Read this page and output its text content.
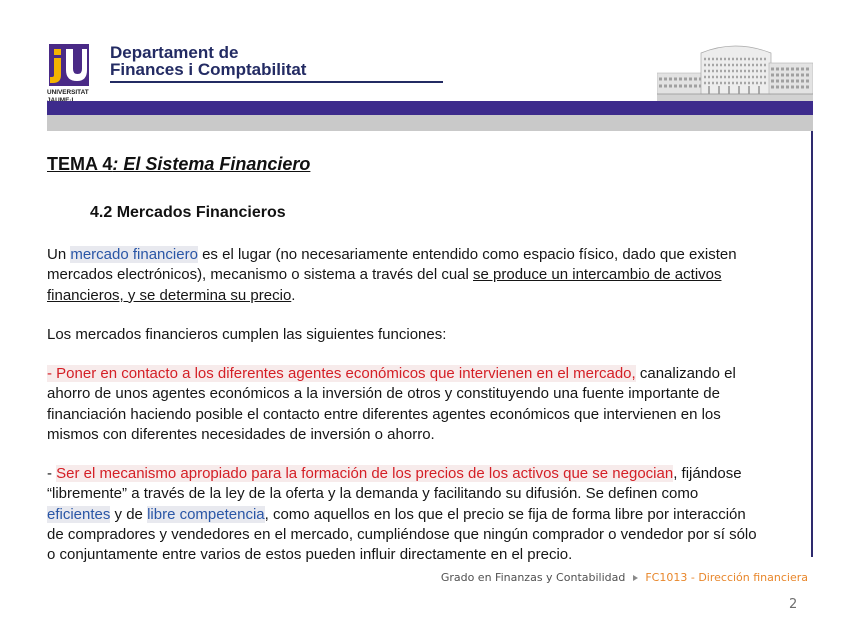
UNIVERSITAT
Departament de
Finances i Comptabilitat
TEMA 4: El Sistema Financiero
4.2 Mercados Financieros
Un mercado financiero es el lugar (no necesariamente entendido como espacio físico, dado que existen
mercados electrónicos), mecanismo o sistema a través del cual se produce un intercambio de activos
financieros, y se determina su precio.
Los mercados financieros cumplen las siguientes funciones:
- Poner en contacto a los diferentes agentes económicos que intervienen en el mercado, canalizando el
ahorro de unos agentes económicos a la inversión de otros y constituyendo una fuente importante de
financiación haciendo posible el contacto entre diferentes agentes económicos que intervienen en los
mismos con diferentes necesidades de inversión o ahorro.
- Ser el mecanismo apropiado para la formación de los precios de los activos que se negocian, fijándose
“libremente” a través de la ley de la oferta y la demanda y facilitando su difusión. Se definen como
eficientes y de libre competencia, como aquellos en los que el precio se fija de forma libre por interacción
de compradores y vendedores en el mercado, cumpliéndose que ningún comprador o vendedor por sí sólo
o conjuntamente entre varios de estos pueden influir directamente en el precio.
Grado en Finanzas y Contabilidad FC1013 - Dirección financiera
2
